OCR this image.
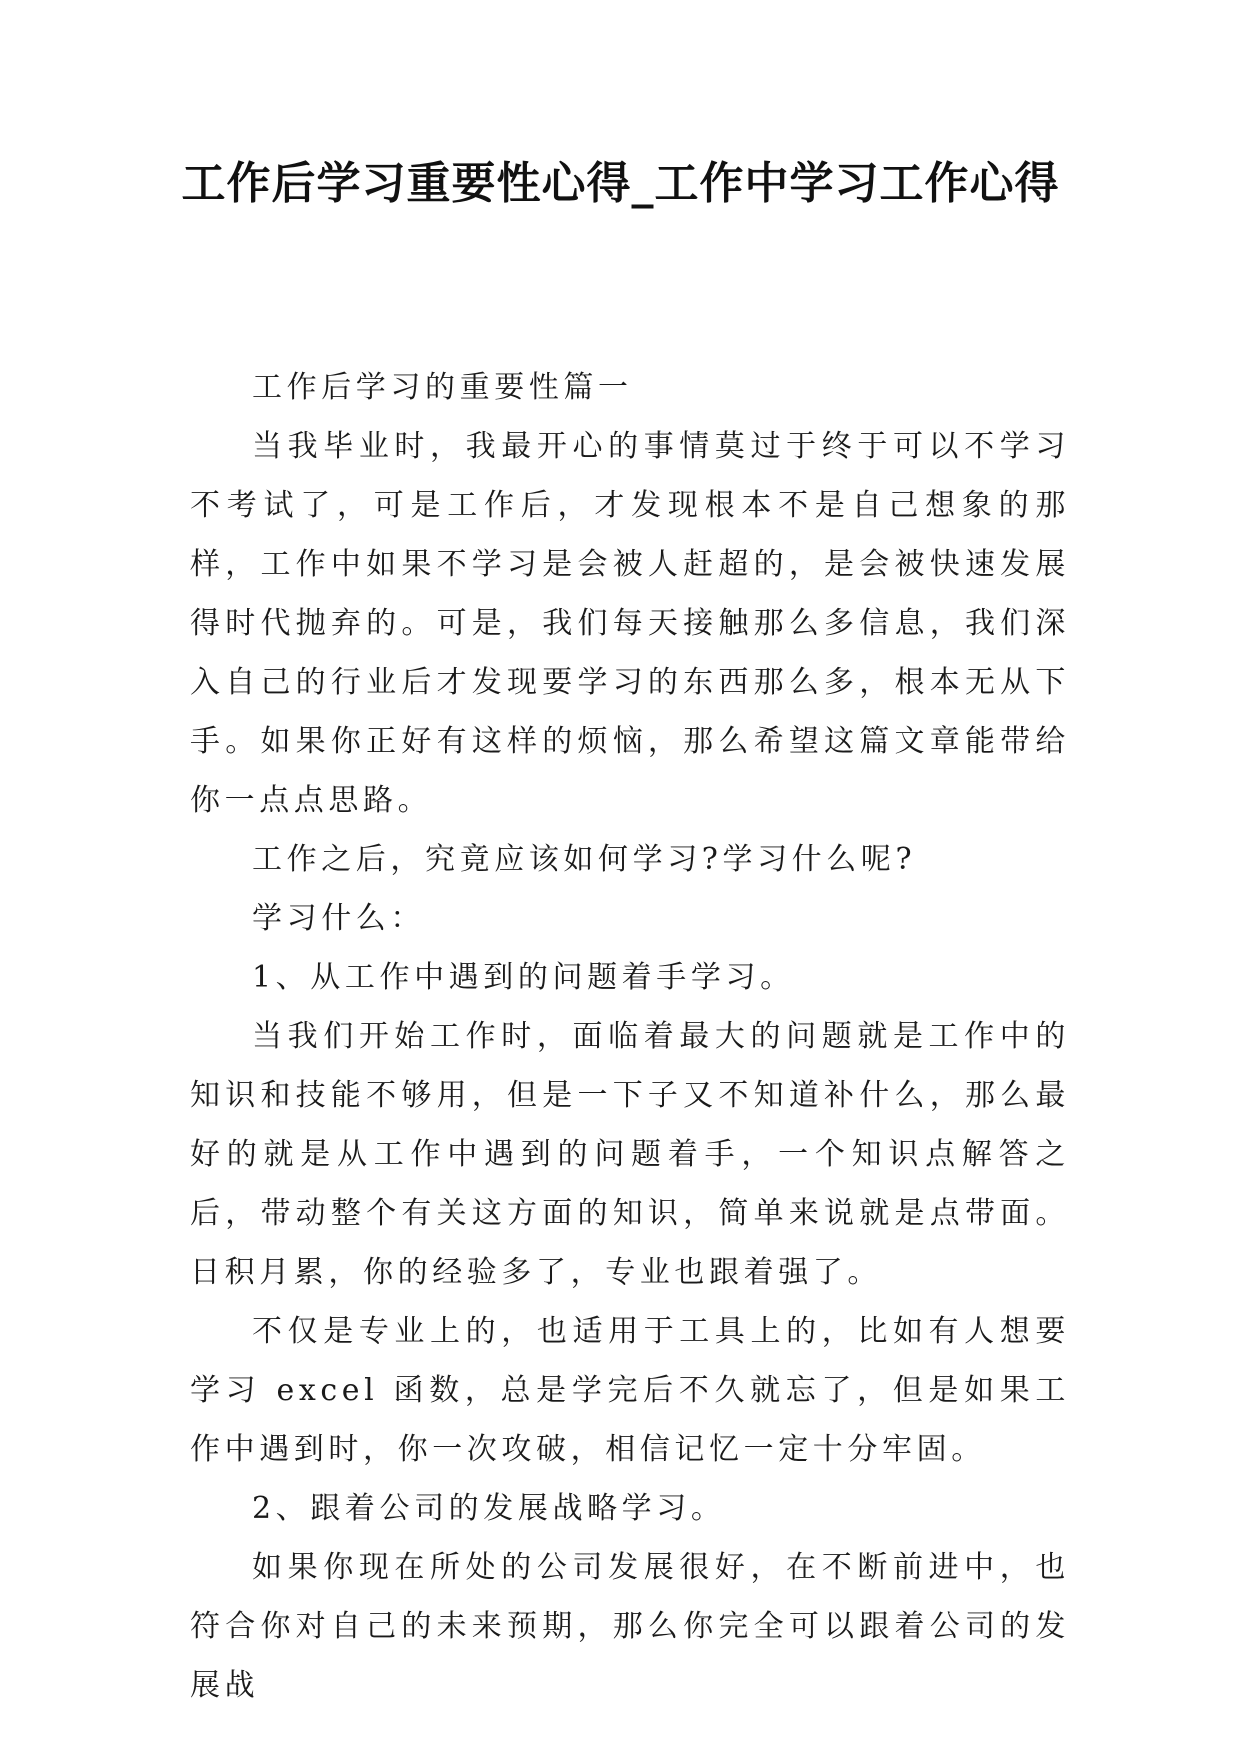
工作后学习重要性心得_工作中学习工作心得

工作后学习的重要性篇一

当我毕业时，我最开心的事情莫过于终于可以不学习不考试了，可是工作后，才发现根本不是自己想象的那样，工作中如果不学习是会被人赶超的，是会被快速发展得时代抛弃的。可是，我们每天接触那么多信息，我们深入自己的行业后才发现要学习的东西那么多，根本无从下手。如果你正好有这样的烦恼，那么希望这篇文章能带给你一点点思路。

工作之后，究竟应该如何学习?学习什么呢?

学习什么：

1、从工作中遇到的问题着手学习。

当我们开始工作时，面临着最大的问题就是工作中的知识和技能不够用，但是一下子又不知道补什么，那么最好的就是从工作中遇到的问题着手，一个知识点解答之后，带动整个有关这方面的知识，简单来说就是点带面。日积月累，你的经验多了，专业也跟着强了。

不仅是专业上的，也适用于工具上的，比如有人想要学习 excel 函数，总是学完后不久就忘了，但是如果工作中遇到时，你一次攻破，相信记忆一定十分牢固。

2、跟着公司的发展战略学习。

如果你现在所处的公司发展很好，在不断前进中，也符合你对自己的未来预期，那么你完全可以跟着公司的发展战
